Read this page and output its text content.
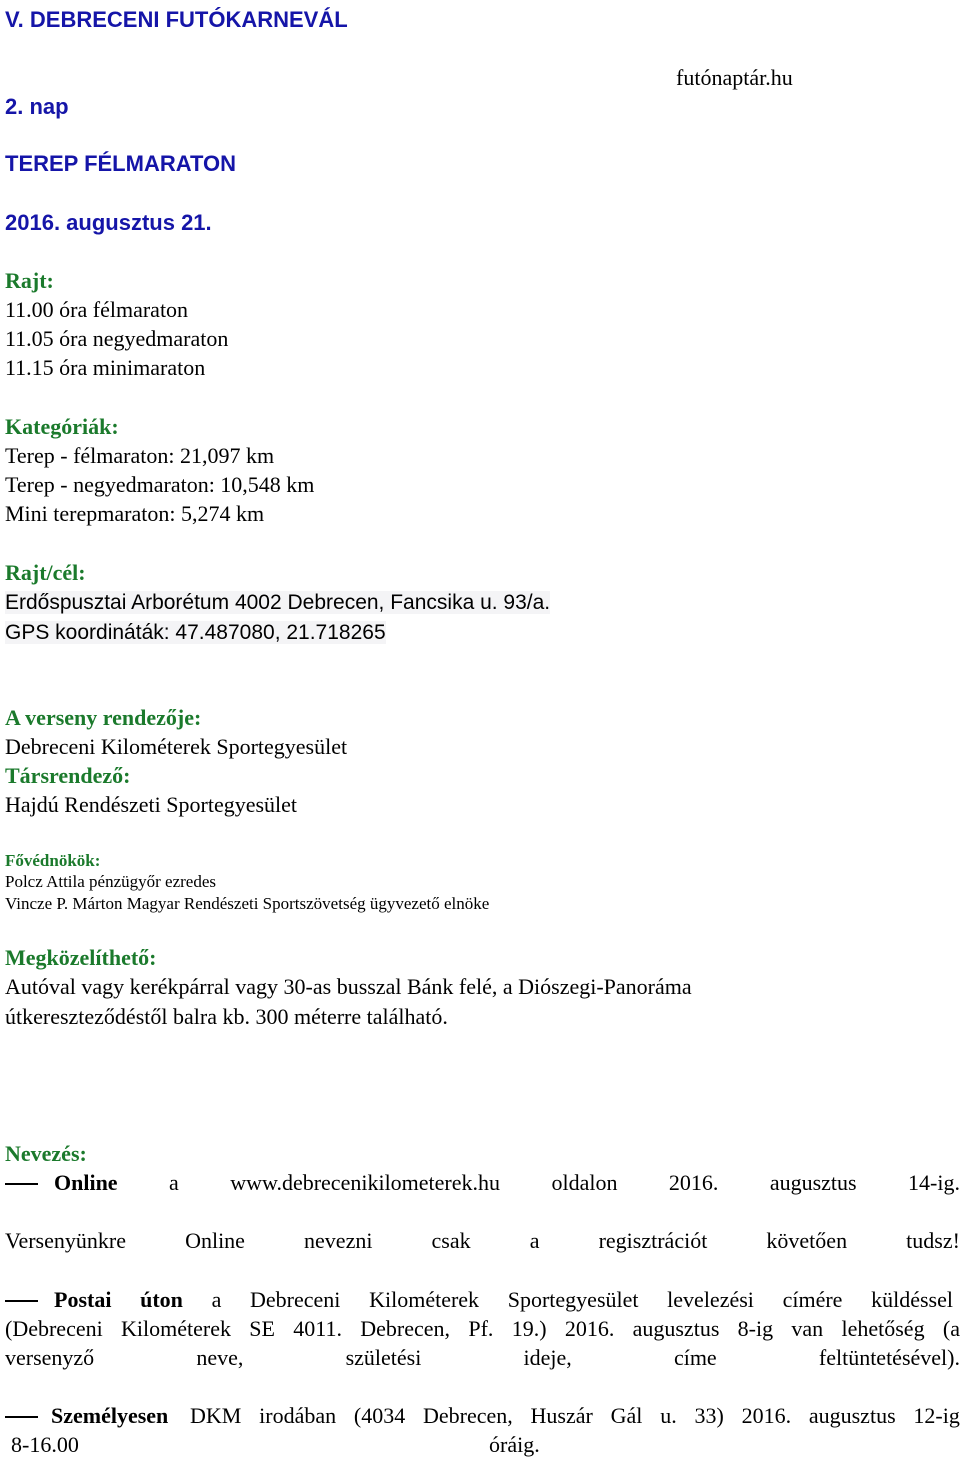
V. DEBRECENI FUTÓKARNEVÁL
futónaptár.hu
2. nap
TEREP FÉLMARATON
2016. augusztus 21.
Rajt:
11.00 óra félmaraton
11.05 óra negyedmaraton
11.15 óra minimaraton
Kategóriák:
Terep - félmaraton: 21,097 km
Terep - negyedmaraton: 10,548 km
Mini terepmaraton: 5,274 km
Rajt/cél:
Erdőspusztai Arborétum 4002 Debrecen, Fancsika u. 93/a.
GPS koordináták: 47.487080, 21.718265
A verseny rendezője:
Debreceni Kilométerek Sportegyesület
Társrendező:
Hajdú Rendészeti Sportegyesület
Fővédnökök:
Polcz Attila pénzügyőr ezredes
Vincze P. Márton Magyar Rendészeti Sportszövetség ügyvezető elnöke
Megközelíthető:
Autóval vagy kerékpárral vagy 30-as busszal Bánk felé, a Diószegi-Panoráma
útkereszteződéstől balra kb. 300 méterre található.
Nevezés:
Online a www.debrecenikilometerek.hu oldalon 2016. augusztus 14-ig.
Versenyünkre	Online	nevezni	csak	a	regisztrációt	követően	tudsz!
Postai úton a Debreceni Kilométerek Sportegyesület levelezési címére küldéssel
(Debreceni Kilométerek SE 4011. Debrecen, Pf. 19.) 2016. augusztus 8-ig van lehetőség (a
versenyző	neve,	születési	ideje,	címe	feltüntetésével).
Személyesen DKM irodában (4034 Debrecen, Huszár Gál u. 33) 2016. augusztus 12-ig
8-16.00	óráig.
